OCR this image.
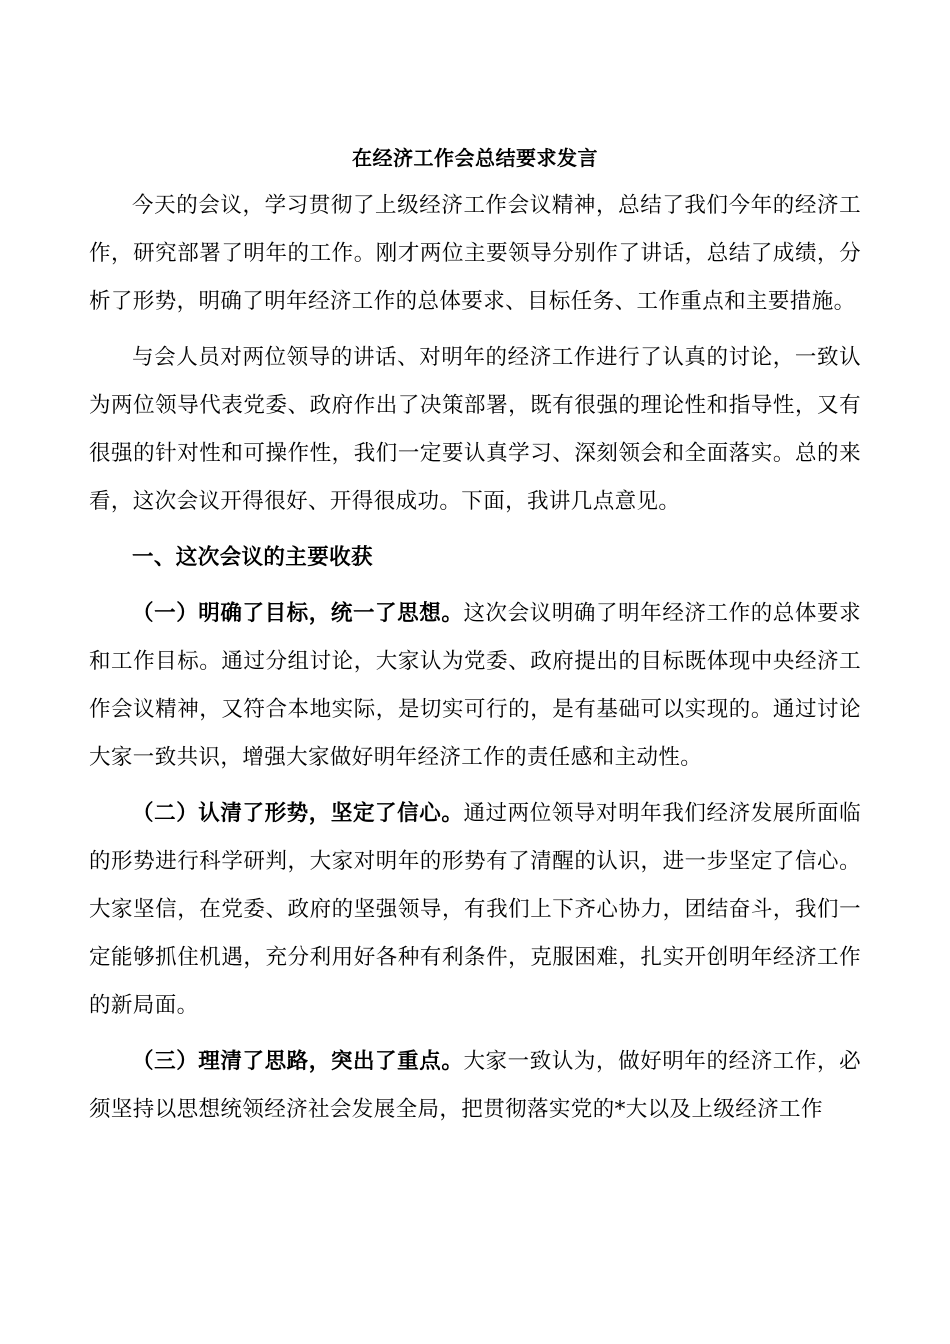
在经济工作会总结要求发言

今天的会议，学习贯彻了上级经济工作会议精神，总结了我们今年的经济工作，研究部署了明年的工作。刚才两位主要领导分别作了讲话，总结了成绩，分析了形势，明确了明年经济工作的总体要求、目标任务、工作重点和主要措施。

与会人员对两位领导的讲话、对明年的经济工作进行了认真的讨论，一致认为两位领导代表党委、政府作出了决策部署，既有很强的理论性和指导性，又有很强的针对性和可操作性，我们一定要认真学习、深刻领会和全面落实。总的来看，这次会议开得很好、开得很成功。下面，我讲几点意见。

一、这次会议的主要收获

（一）明确了目标，统一了思想。这次会议明确了明年经济工作的总体要求和工作目标。通过分组讨论，大家认为党委、政府提出的目标既体现中央经济工作会议精神，又符合本地实际，是切实可行的，是有基础可以实现的。通过讨论大家一致共识，增强大家做好明年经济工作的责任感和主动性。

（二）认清了形势，坚定了信心。通过两位领导对明年我们经济发展所面临的形势进行科学研判，大家对明年的形势有了清醒的认识，进一步坚定了信心。大家坚信，在党委、政府的坚强领导，有我们上下齐心协力，团结奋斗，我们一定能够抓住机遇，充分利用好各种有利条件，克服困难，扎实开创明年经济工作的新局面。

（三）理清了思路，突出了重点。大家一致认为，做好明年的经济工作，必须坚持以思想统领经济社会发展全局，把贯彻落实党的*大以及上级经济工作
